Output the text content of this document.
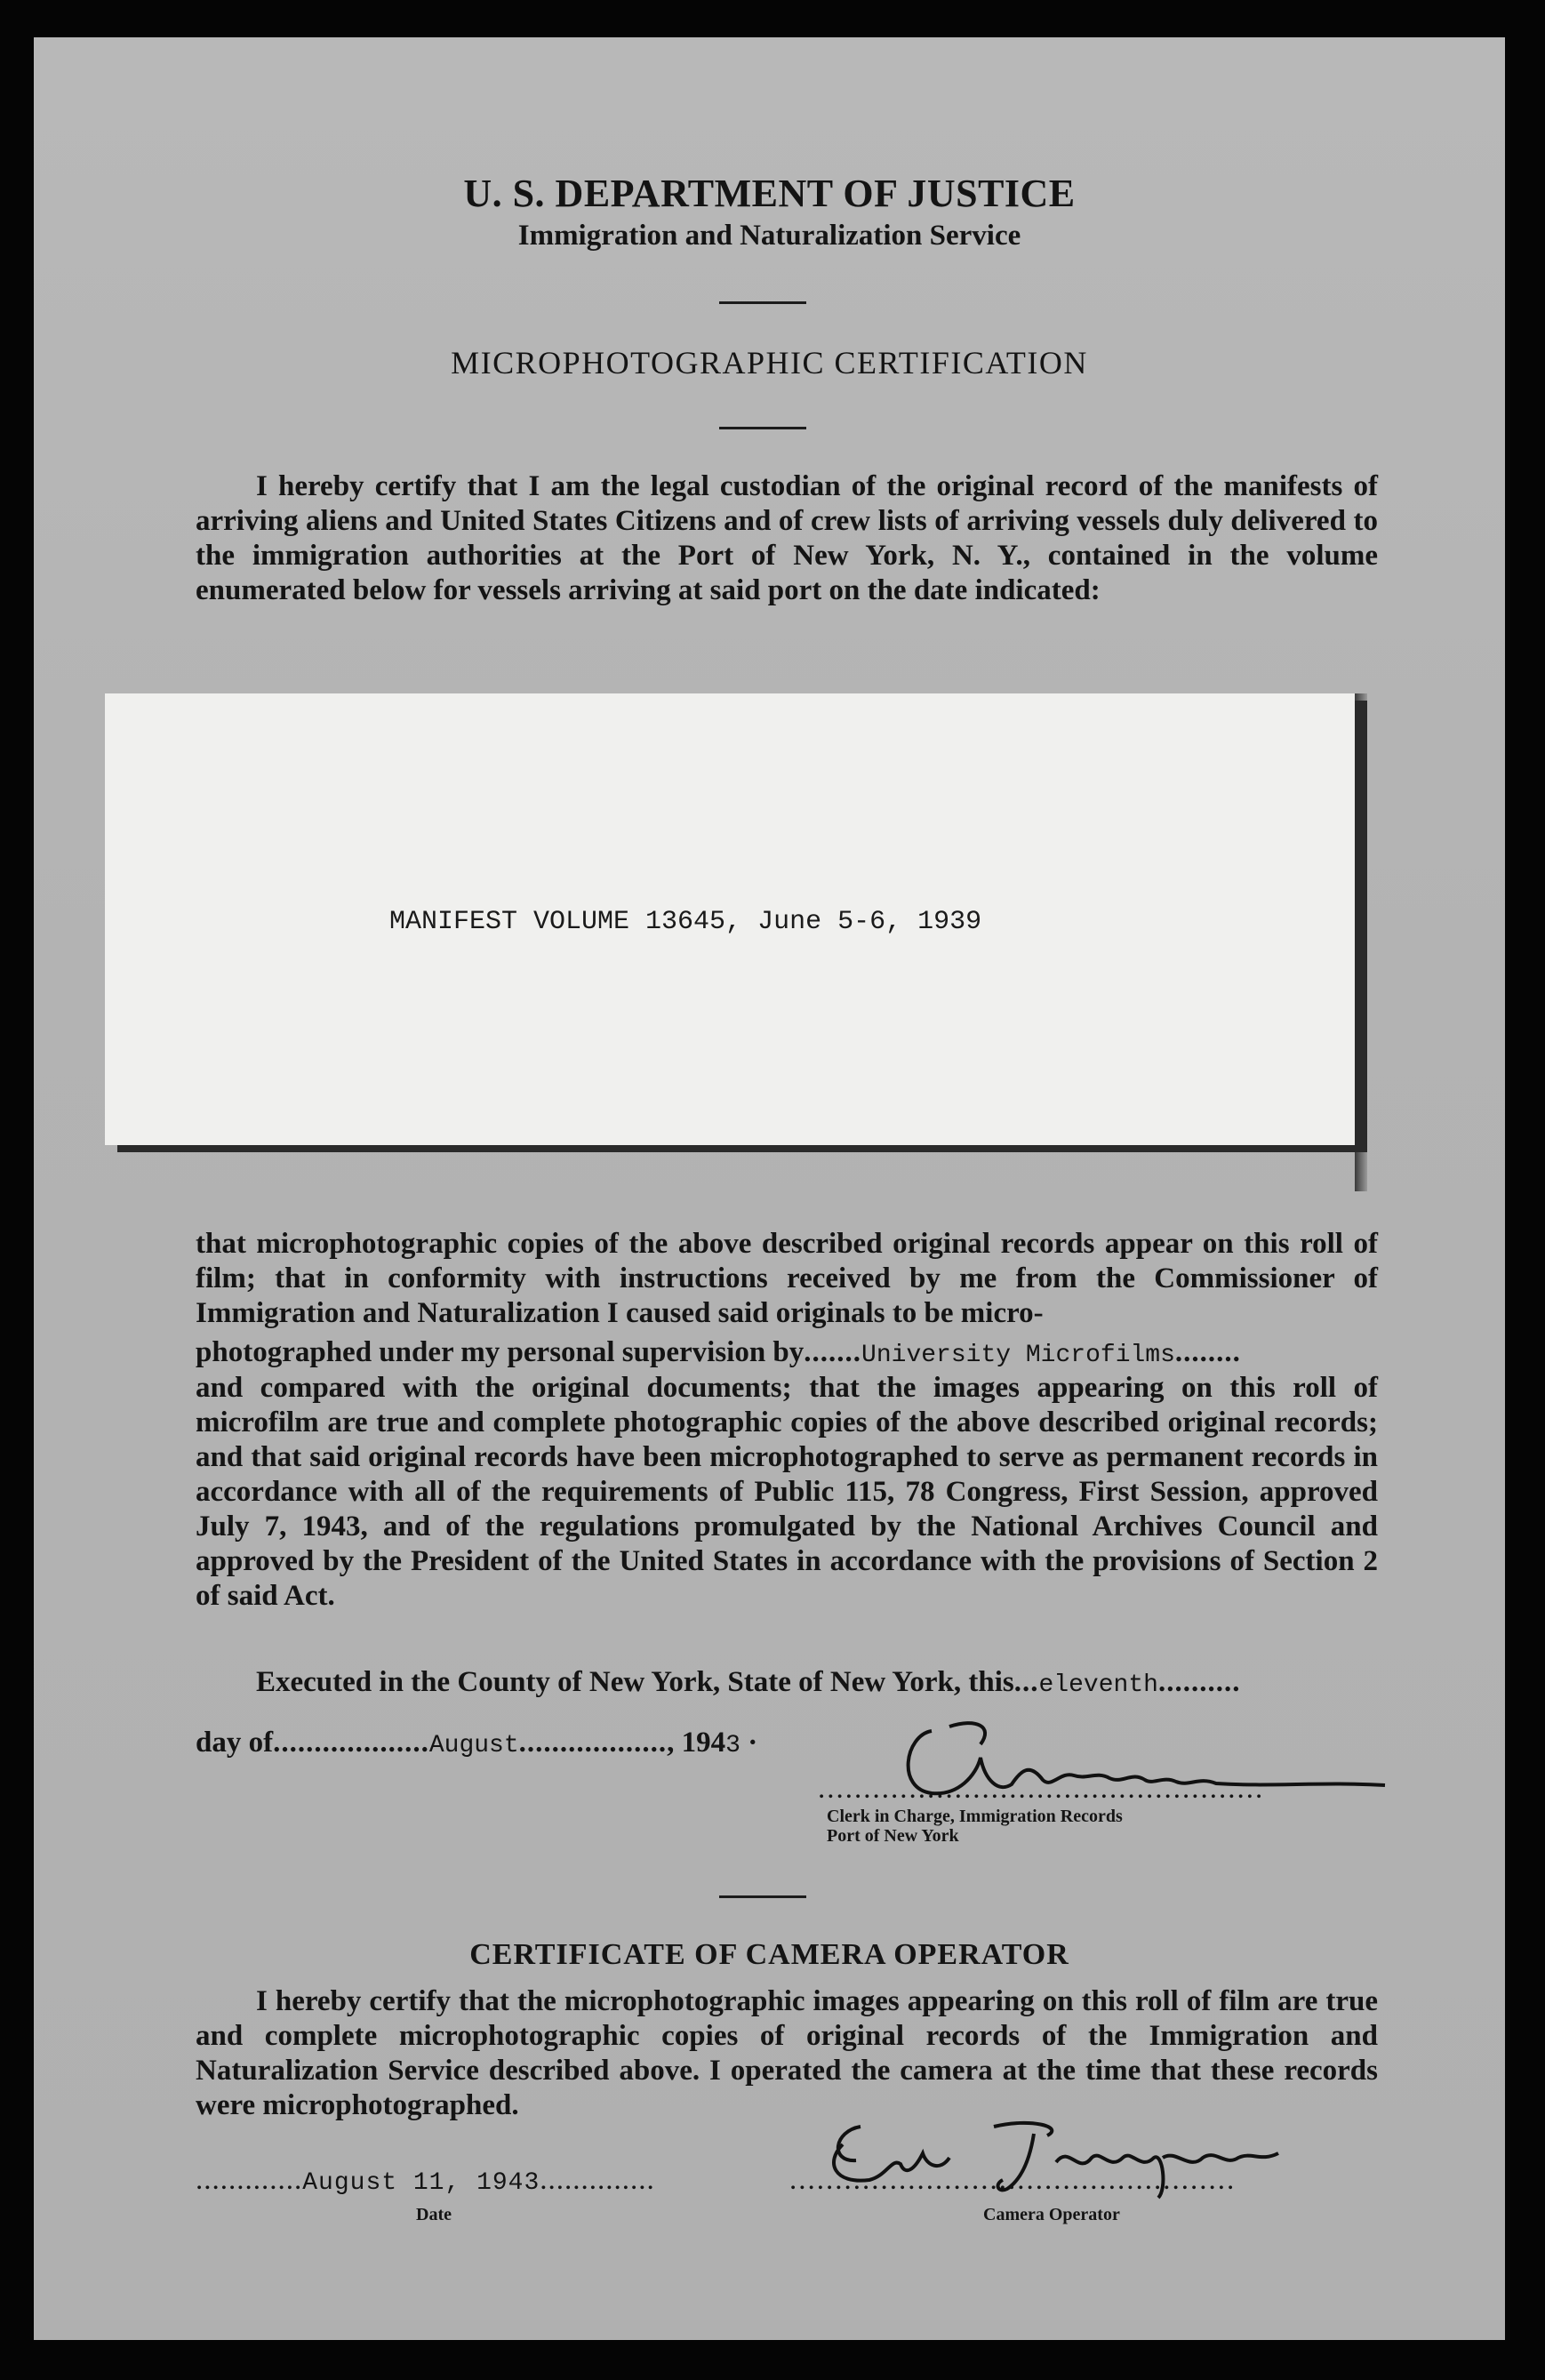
U. S. DEPARTMENT OF JUSTICE
Immigration and Naturalization Service
MICROPHOTOGRAPHIC CERTIFICATION
I hereby certify that I am the legal custodian of the original record of the manifests of arriving aliens and United States Citizens and of crew lists of arriving vessels duly delivered to the immigration authorities at the Port of New York, N. Y., contained in the volume enumerated below for vessels arriving at said port on the date indicated:
MANIFEST VOLUME 13645, June 5-6, 1939
that microphotographic copies of the above described original records appear on this roll of film; that in conformity with instructions received by me from the Commissioner of Immigration and Naturalization I caused said originals to be micro-
photographed under my personal supervision by.......University Microfilms........
and compared with the original documents; that the images appearing on this roll of microfilm are true and complete photographic copies of the above described original records; and that said original records have been microphotographed to serve as permanent records in accordance with all of the requirements of Public 115, 78 Congress, First Session, approved July 7, 1943, and of the regulations promulgated by the National Archives Council and approved by the President of the United States in accordance with the provisions of Section 2 of said Act.
Executed in the County of New York, State of New York, this...eleventh..........
day of...................August.................., 1943 ·
.................................................
Clerk in Charge, Immigration Records
Port of New York
CERTIFICATE OF CAMERA OPERATOR
I hereby certify that the microphotographic images appearing on this roll of film are true and complete microphotographic copies of original records of the Immigration and Naturalization Service described above. I operated the camera at the time that these records were microphotographed.
.............August 11, 1943..............
Date
.................................................
Camera Operator
